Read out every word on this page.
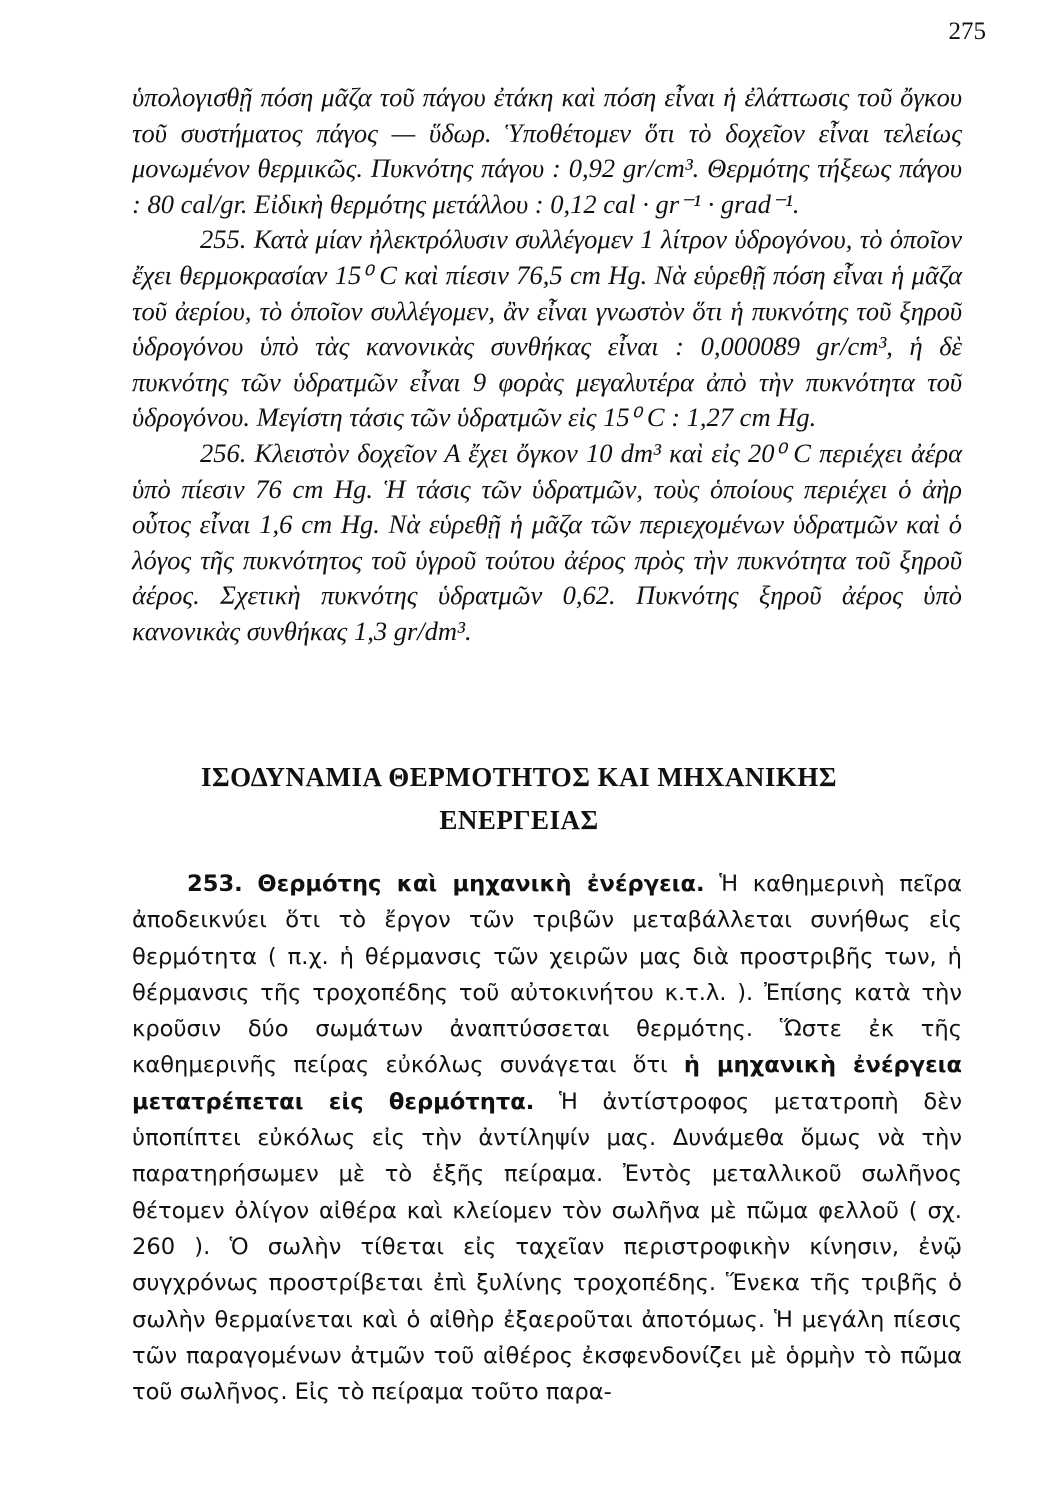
275

ὑπολογισθῇ πόση μᾶζα τοῦ πάγου ἐτάκη καὶ πόση εἶναι ἡ ἐλάττωσις τοῦ ὄγκου τοῦ συστήματος πάγος — ὕδωρ. Ὑποθέτομεν ὅτι τὸ δοχεῖον εἶναι τελείως μονωμένον θερμικῶς. Πυκνότης πάγου : 0,92 gr/cm³. Θερμότης τήξεως πάγου : 80 cal/gr. Εἰδικὴ θερμότης μετάλλου : 0,12 cal · gr⁻¹ · grad⁻¹.

255. Κατὰ μίαν ἠλεκτρόλυσιν συλλέγομεν 1 λίτρον ὑδρογόνου, τὸ ὁποῖον ἔχει θερμοκρασίαν 15⁰ C καὶ πίεσιν 76,5 cm Hg. Νὰ εὑρεθῇ πόση εἶναι ἡ μᾶζα τοῦ ἀερίου, τὸ ὁποῖον συλλέγομεν, ἂν εἶναι γνωστὸν ὅτι ἡ πυκνότης τοῦ ξηροῦ ὑδρογόνου ὑπὸ τὰς κανονικὰς συνθήκας εἶναι : 0,000089 gr/cm³, ἡ δὲ πυκνότης τῶν ὑδρατμῶν εἶναι 9 φορὰς μεγαλυτέρα ἀπὸ τὴν πυκνότητα τοῦ ὑδρογόνου. Μεγίστη τάσις τῶν ὑδρατμῶν εἰς 15⁰ C : 1,27 cm Hg.

256. Κλειστὸν δοχεῖον Α ἔχει ὄγκον 10 dm³ καὶ εἰς 20⁰ C περιέχει ἀέρα ὑπὸ πίεσιν 76 cm Hg. Ἡ τάσις τῶν ὑδρατμῶν, τοὺς ὁποίους περιέχει ὁ ἀὴρ οὗτος εἶναι 1,6 cm Hg. Νὰ εὑρεθῇ ἡ μᾶζα τῶν περιεχομένων ὑδρατμῶν καὶ ὁ λόγος τῆς πυκνότητος τοῦ ὑγροῦ τούτου ἀέρος πρὸς τὴν πυκνότητα τοῦ ξηροῦ ἀέρος. Σχετικὴ πυκνότης ὑδρατμῶν 0,62. Πυκνότης ξηροῦ ἀέρος ὑπὸ κανονικὰς συνθήκας 1,3 gr/dm³.

ΙΣΟΔΥΝΑΜΙΑ ΘΕΡΜΟΤΗΤΟΣ ΚΑΙ ΜΗΧΑΝΙΚΗΣ
ΕΝΕΡΓΕΙΑΣ

253. Θερμότης καὶ μηχανικὴ ἐνέργεια. Ἡ καθημερινὴ πεῖρα ἀποδεικνύει ὅτι τὸ ἔργον τῶν τριβῶν μεταβάλλεται συνήθως εἰς θερμότητα ( π.χ. ἡ θέρμανσις τῶν χειρῶν μας διὰ προστριβῆς των, ἡ θέρμανσις τῆς τροχοπέδης τοῦ αὐτοκινήτου κ.τ.λ. ). Ἐπίσης κατὰ τὴν κροῦσιν δύο σωμάτων ἀναπτύσσεται θερμότης. Ὥστε ἐκ τῆς καθημερινῆς πείρας εὐκόλως συνάγεται ὅτι ἡ μηχανικὴ ἐνέργεια μετατρέπεται εἰς θερμότητα. Ἡ ἀντίστροφος μετατροπὴ δὲν ὑποπίπτει εὐκόλως εἰς τὴν ἀντίληψίν μας. Δυνάμεθα ὅμως νὰ τὴν παρατηρήσωμεν μὲ τὸ ἑξῆς πείραμα. Ἐντὸς μεταλλικοῦ σωλῆνος θέτομεν ὀλίγον αἰθέρα καὶ κλείομεν τὸν σωλῆνα μὲ πῶμα φελλοῦ ( σχ. 260 ). Ὁ σωλὴν τίθεται εἰς ταχεῖαν περιστροφικὴν κίνησιν, ἐνῷ συγχρόνως προστρίβεται ἐπὶ ξυλίνης τροχοπέδης. Ἕνεκα τῆς τριβῆς ὁ σωλὴν θερμαίνεται καὶ ὁ αἰθὴρ ἐξαεροῦται ἀποτόμως. Ἡ μεγάλη πίεσις τῶν παραγομένων ἀτμῶν τοῦ αἰθέρος ἐκσφενδονίζει μὲ ὁρμὴν τὸ πῶμα τοῦ σωλῆνος. Εἰς τὸ πείραμα τοῦτο παρα-
